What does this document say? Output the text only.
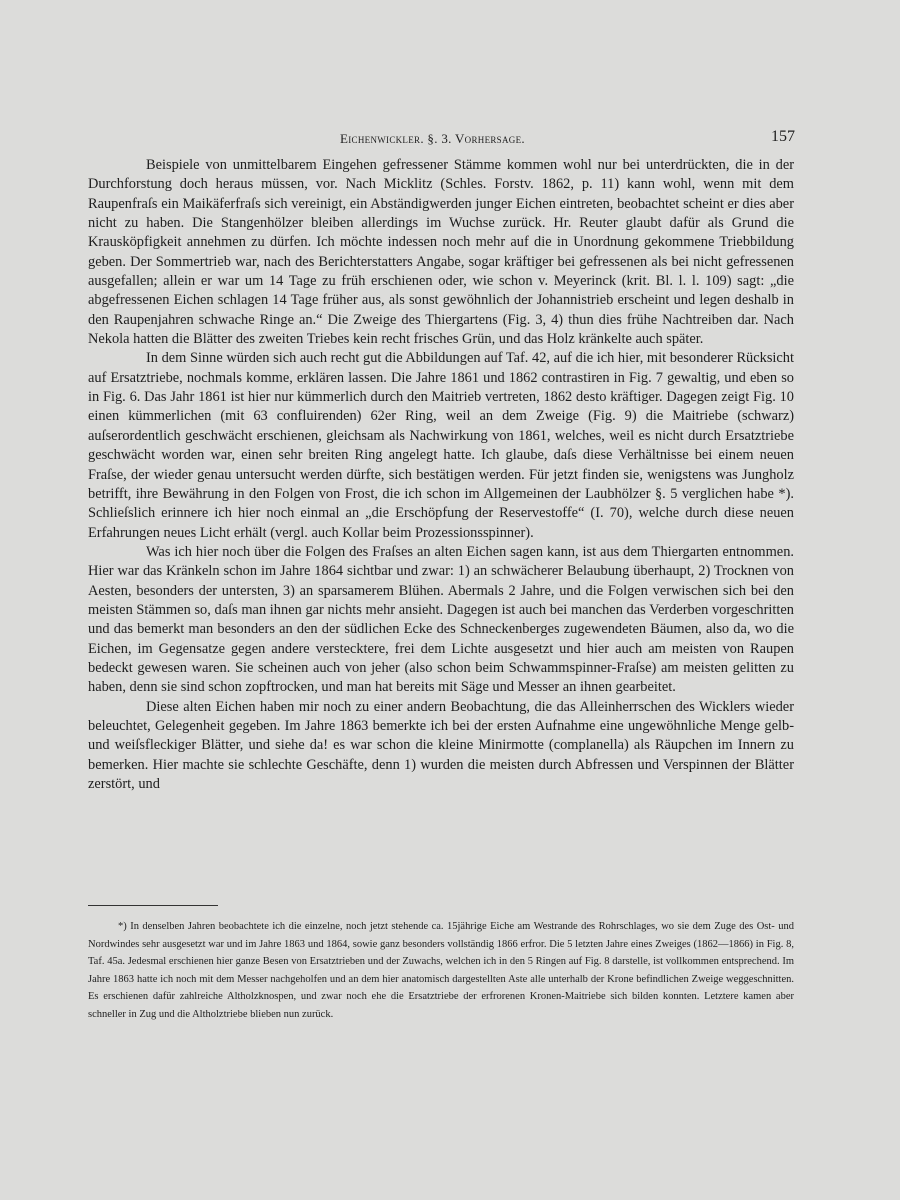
Eichenwickler. §. 3. Vorhersage.	157

Beispiele von unmittelbarem Eingehen gefressener Stämme kommen wohl nur bei unterdrückten, die in der Durchforstung doch heraus müssen, vor. Nach Micklitz (Schles. Forstv. 1862, p. 11) kann wohl, wenn mit dem Raupenfraſs ein Maikäferfraſs sich vereinigt, ein Abständigwerden junger Eichen eintreten, beobachtet scheint er dies aber nicht zu haben. Die Stangenhölzer bleiben allerdings im Wuchse zurück. Hr. Reuter glaubt dafür als Grund die Krausköpfigkeit annehmen zu dürfen. Ich möchte indessen noch mehr auf die in Unordnung gekommene Triebbildung geben. Der Sommertrieb war, nach des Berichterstatters Angabe, sogar kräftiger bei gefressenen als bei nicht gefressenen ausgefallen; allein er war um 14 Tage zu früh erschienen oder, wie schon v. Meyerinck (krit. Bl. l. l. 109) sagt: „die abgefressenen Eichen schlagen 14 Tage früher aus, als sonst gewöhnlich der Johannistrieb erscheint und legen deshalb in den Raupenjahren schwache Ringe an.“ Die Zweige des Thiergartens (Fig. 3, 4) thun dies frühe Nachtreiben dar. Nach Nekola hatten die Blätter des zweiten Triebes kein recht frisches Grün, und das Holz kränkelte auch später.

In dem Sinne würden sich auch recht gut die Abbildungen auf Taf. 42, auf die ich hier, mit besonderer Rücksicht auf Ersatztriebe, nochmals komme, erklären lassen. Die Jahre 1861 und 1862 contrastiren in Fig. 7 gewaltig, und eben so in Fig. 6. Das Jahr 1861 ist hier nur kümmerlich durch den Maitrieb vertreten, 1862 desto kräftiger. Dagegen zeigt Fig. 10 einen kümmerlichen (mit 63 confluirenden) 62er Ring, weil an dem Zweige (Fig. 9) die Maitriebe (schwarz) auſserordentlich geschwächt erschienen, gleichsam als Nachwirkung von 1861, welches, weil es nicht durch Ersatztriebe geschwächt worden war, einen sehr breiten Ring angelegt hatte. Ich glaube, daſs diese Verhältnisse bei einem neuen Fraſse, der wieder genau untersucht werden dürfte, sich bestätigen werden. Für jetzt finden sie, wenigstens was Jungholz betrifft, ihre Bewährung in den Folgen von Frost, die ich schon im Allgemeinen der Laubhölzer §. 5 verglichen habe *). Schlieſslich erinnere ich hier noch einmal an „die Erschöpfung der Reservestoffe“ (I. 70), welche durch diese neuen Erfahrungen neues Licht erhält (vergl. auch Kollar beim Prozessionsspinner).

Was ich hier noch über die Folgen des Fraſses an alten Eichen sagen kann, ist aus dem Thiergarten entnommen. Hier war das Kränkeln schon im Jahre 1864 sichtbar und zwar: 1) an schwächerer Belaubung überhaupt, 2) Trocknen von Aesten, besonders der untersten, 3) an sparsamerem Blühen. Abermals 2 Jahre, und die Folgen verwischen sich bei den meisten Stämmen so, daſs man ihnen gar nichts mehr ansieht. Dagegen ist auch bei manchen das Verderben vorgeschritten und das bemerkt man besonders an den der südlichen Ecke des Schneckenberges zugewendeten Bäumen, also da, wo die Eichen, im Gegensatze gegen andere verstecktere, frei dem Lichte ausgesetzt und hier auch am meisten von Raupen bedeckt gewesen waren. Sie scheinen auch von jeher (also schon beim Schwammspinner-Fraſse) am meisten gelitten zu haben, denn sie sind schon zopftrocken, und man hat bereits mit Säge und Messer an ihnen gearbeitet.

Diese alten Eichen haben mir noch zu einer andern Beobachtung, die das Alleinherrschen des Wicklers wieder beleuchtet, Gelegenheit gegeben. Im Jahre 1863 bemerkte ich bei der ersten Aufnahme eine ungewöhnliche Menge gelb- und weiſsfleckiger Blätter, und siehe da! es war schon die kleine Minirmotte (complanella) als Räupchen im Innern zu bemerken. Hier machte sie schlechte Geschäfte, denn 1) wurden die meisten durch Abfressen und Verspinnen der Blätter zerstört, und

*) In denselben Jahren beobachtete ich die einzelne, noch jetzt stehende ca. 15jährige Eiche am Westrande des Rohrschlages, wo sie dem Zuge des Ost- und Nordwindes sehr ausgesetzt war und im Jahre 1863 und 1864, sowie ganz besonders vollständig 1866 erfror. Die 5 letzten Jahre eines Zweiges (1862—1866) in Fig. 8, Taf. 45a. Jedesmal erschienen hier ganze Besen von Ersatztrieben und der Zuwachs, welchen ich in den 5 Ringen auf Fig. 8 darstelle, ist vollkommen entsprechend. Im Jahre 1863 hatte ich noch mit dem Messer nachgeholfen und an dem hier anatomisch dargestellten Aste alle unterhalb der Krone befindlichen Zweige weggeschnitten. Es erschienen dafür zahlreiche Altholzknospen, und zwar noch ehe die Ersatztriebe der erfrorenen Kronen-Maitriebe sich bilden konnten. Letztere kamen aber schneller in Zug und die Altholztriebe blieben nun zurück.
